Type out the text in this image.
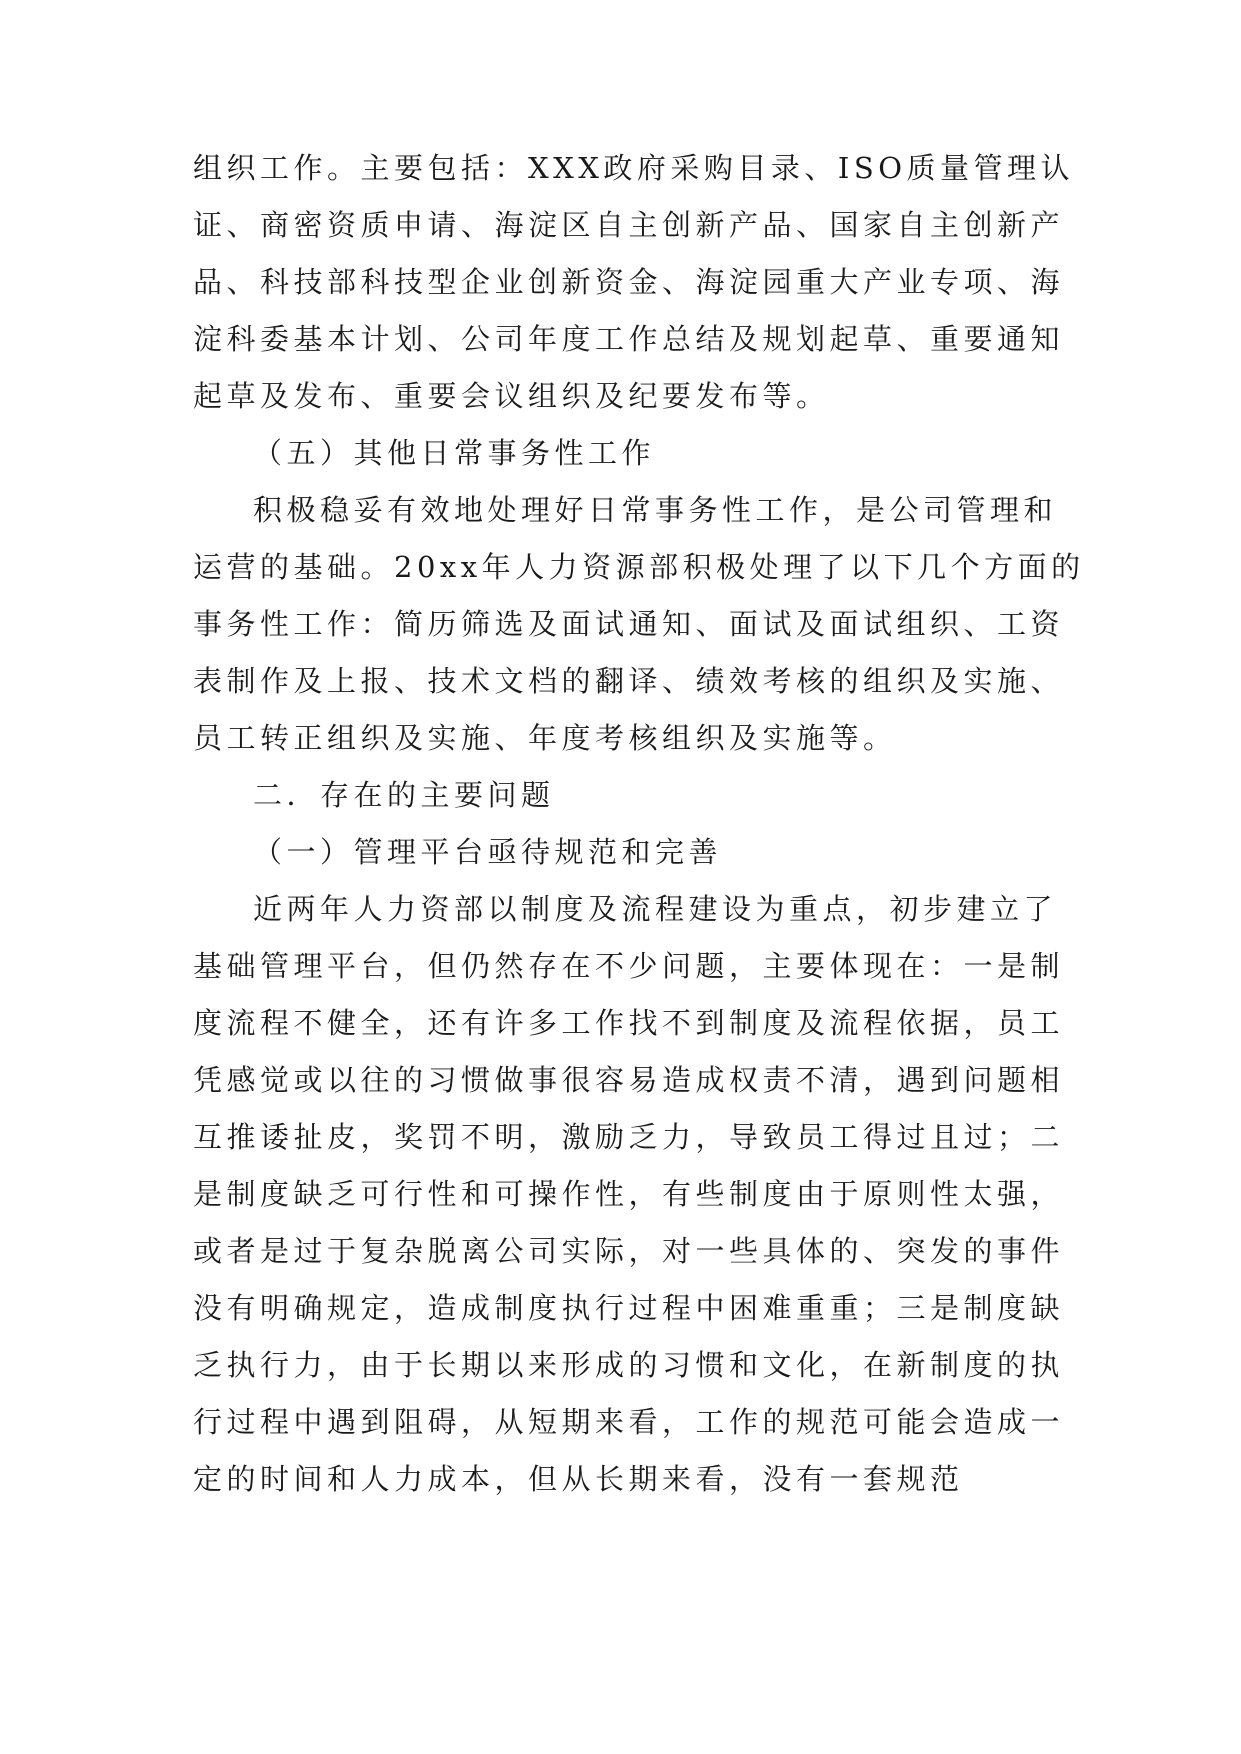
组织工作。主要包括：XXX政府采购目录、ISO质量管理认
证、商密资质申请、海淀区自主创新产品、国家自主创新产
品、科技部科技型企业创新资金、海淀园重大产业专项、海
淀科委基本计划、公司年度工作总结及规划起草、重要通知
起草及发布、重要会议组织及纪要发布等。
（五）其他日常事务性工作
积极稳妥有效地处理好日常事务性工作，是公司管理和
运营的基础。20xx年人力资源部积极处理了以下几个方面的
事务性工作：简历筛选及面试通知、面试及面试组织、工资
表制作及上报、技术文档的翻译、绩效考核的组织及实施、
员工转正组织及实施、年度考核组织及实施等。
二．存在的主要问题
（一）管理平台亟待规范和完善
近两年人力资部以制度及流程建设为重点，初步建立了
基础管理平台，但仍然存在不少问题，主要体现在：一是制
度流程不健全，还有许多工作找不到制度及流程依据，员工
凭感觉或以往的习惯做事很容易造成权责不清，遇到问题相
互推诿扯皮，奖罚不明，激励乏力，导致员工得过且过；二
是制度缺乏可行性和可操作性，有些制度由于原则性太强，
或者是过于复杂脱离公司实际，对一些具体的、突发的事件
没有明确规定，造成制度执行过程中困难重重；三是制度缺
乏执行力，由于长期以来形成的习惯和文化，在新制度的执
行过程中遇到阻碍，从短期来看，工作的规范可能会造成一
定的时间和人力成本，但从长期来看，没有一套规范
